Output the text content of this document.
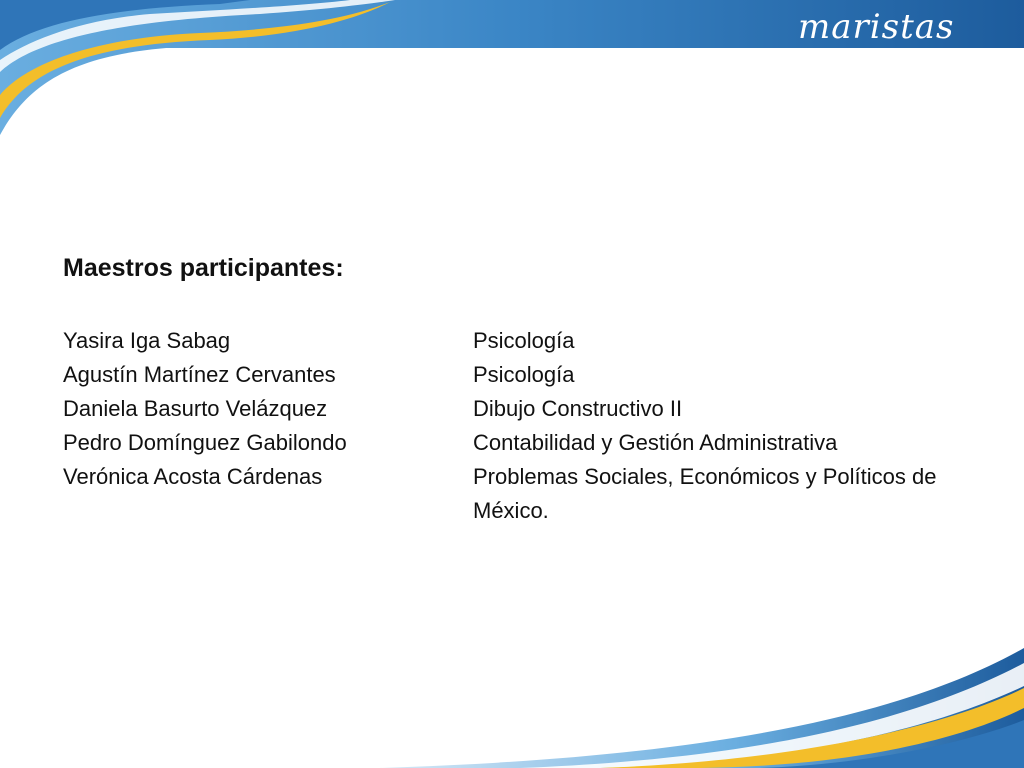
maristas
Maestros participantes:
Yasira Iga Sabag	Psicología
Agustín Martínez Cervantes	Psicología
Daniela Basurto Velázquez	Dibujo Constructivo II
Pedro Domínguez Gabilondo	Contabilidad y Gestión Administrativa
Verónica Acosta Cárdenas	Problemas Sociales, Económicos y Políticos de México.
